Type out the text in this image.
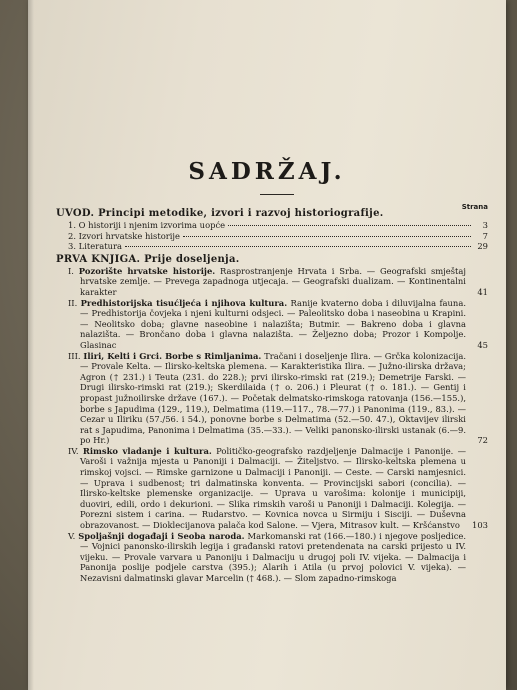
SADRŽAJ.
Strana
UVOD. Principi metodike, izvori i razvoj historiografije.
1. O historiji i njenim izvorima uopće	3
2. Izvori hrvatske historije	7
3. Literatura	29
PRVA KNJIGA. Prije doseljenja.
I. Pozorište hrvatske historije. Rasprostranjenje Hrvata i Srba. — Geografski smještaj hrvatske zemlje. — Prevega zapadnoga utjecaja. — Geografski dualizam. — Kontinentalni karakter	41
II. Predhistorijska tisućljeća i njihova kultura. Ranije kvaterno doba i diluvijalna fauna. — Predhistorija čovjeka i njeni kulturni odsjeci. — Paleolitsko doba i naseobina u Krapini. — Neolitsko doba; glavne naseobine i nalazišta; Butmir. — Bakreno doba i glavna nalazišta. — Brončano doba i glavna nalazišta. — Željezno doba; Prozor i Kompolje. Glasinac	45
III. Iliri, Kelti i Grci. Borbe s Rimljanima. Tračani i doseljenje Ilira. — Grčka kolonizacija. — Provale Kelta. — Ilirsko-keltska plemena. — Karakteristika Ilira. — Južno-ilirska država; Agron († 231.) i Teuta (231. do 228.); prvi ilirsko-rimski rat (219.); Demetrije Farski. — Drugi ilirsko-rimski rat (219.); Skerdilaida († o. 206.) i Pleurat († o. 181.). — Gentij i propast južnoilirske države (167.). — Početak delmatsko-rimskoga ratovanja (156.—155.), borbe s Japudima (129., 119.), Delmatima (119.—117., 78.—77.) i Panonima (119., 83.). — Cezar u Iliriku (57./56. i 54.), ponovne borbe s Delmatima (52.—50. 47.), Oktavijev ilirski rat s Japudima, Panonima i Delmatima (35.—33.). — Veliki panonsko-ilirski ustanak (6.—9. po Hr.)	72
IV. Rimsko vladanje i kultura. Političko-geografsko razdjeljenje Dalmacije i Panonije. — Varoši i važnija mjesta u Panoniji i Dalmaciji. — Žiteljstvo. — Ilirsko-keltska plemena u rimskoj vojsci. — Rimske garnizone u Dalmaciji i Panoniji. — Ceste. — Carski namjesnici. — Uprava i sudbenost; tri dalmatinska konventa. — Provincijski sabori (concilia). — Ilirsko-keltske plemenske organizacije. — Uprava u varošima: kolonije i municipiji, duoviri, edili, ordo i dekurioni. — Slika rimskih varoši u Panoniji i Dalmaciji. Kolegija. — Porezni sistem i carina. — Rudarstvo. — Kovnica novca u Sirmiju i Sisciji. — Duševna obrazovanost. — Dioklecijanova palača kod Salone. — Vjera, Mitrasov kult. — Kršćanstvo	103
V. Spoljašnji događaji i Seoba naroda. Markomanski rat (166.—180.) i njegove posljedice. — Vojnici panonsko-ilirskih legija i građanski ratovi pretendenata na carski prijesto u IV. vijeku. — Provale varvara u Panoniju i Dalmaciju u drugoj poli IV. vijeka. — Dalmacija i Panonija poslije podjele carstva (395.); Alarih i Atila (u prvoj polovici V. vijeka). — Nezavisni dalmatinski glavar Marcelin († 468.). — Slom zapadno-rimskoga
